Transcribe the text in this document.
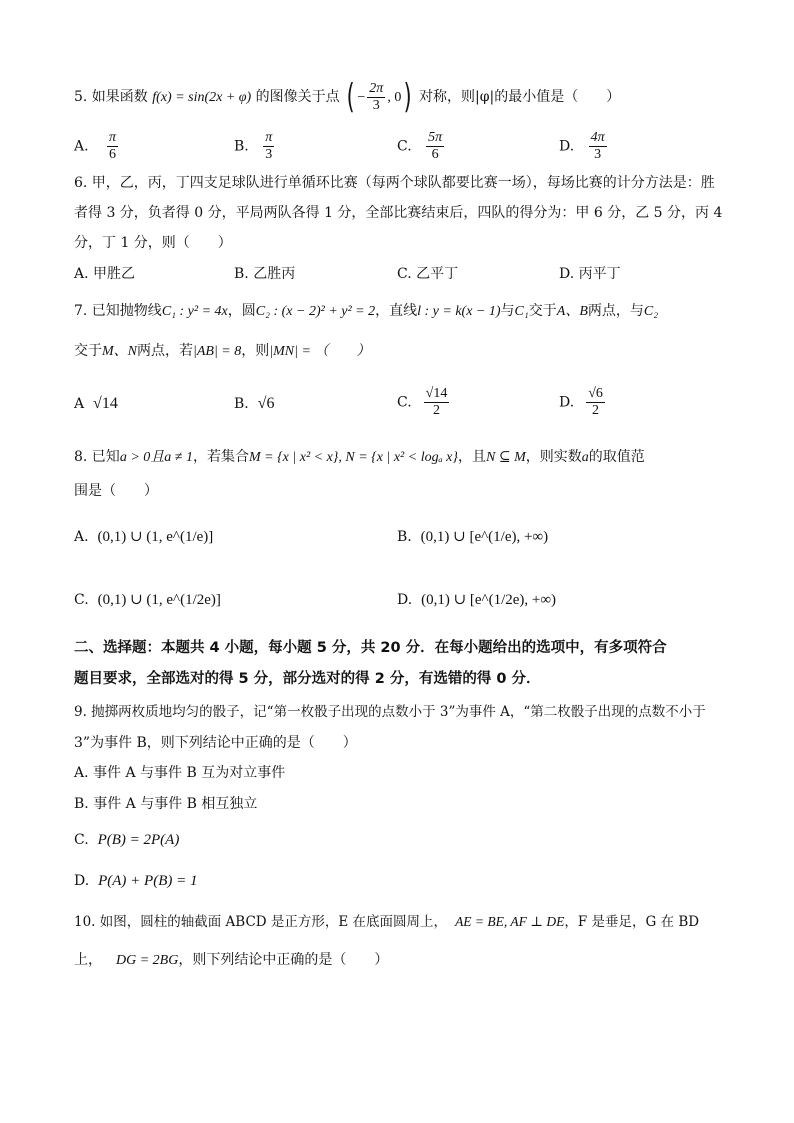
5. 如果函数 f(x) = sin(2x + φ) 的图像关于点 ( − $\frac{2\pi}{3}$ , 0) 对称，则|φ|的最小值是（　　）
A. $\frac{\pi}{6}$	B. $\frac{\pi}{3}$	C. $\frac{5\pi}{6}$	D. $\frac{4\pi}{3}$
6. 甲，乙，丙，丁四支足球队进行单循环比赛（每两个球队都要比赛一场），每场比赛的计分方法是：胜
者得 3 分，负者得 0 分，平局两队各得 1 分，全部比赛结束后，四队的得分为：甲 6 分，乙 5 分，丙 4
分，丁 1 分，则（　　）
A. 甲胜乙	B. 乙胜丙	C. 乙平丁	D. 丙平丁
7. 已知抛物线C₁ : y² = 4x，圆C₂ : (x − 2)² + y² = 2，直线l : y = k(x − 1)与C₁交于A、B两点，与C₂
交于M、N两点，若|AB| = 8，则|MN| = （　　）
A √14	B. √6	C. $\frac{√14}{2}$	D. $\frac{√6}{2}$
8. 已知a > 0且a ≠ 1，若集合M = {x | x² < x}, N = {x | x² < logₐ x}，且N ⊆ M，则实数a的取值范
围是（　　）
A. (0,1) ∪ (1, e^(1/e)]	B. (0,1) ∪ [e^(1/e), +∞)
C. (0,1) ∪ (1, e^(1/2e)]	D. (0,1) ∪ [e^(1/2e), +∞)
二、选择题：本题共 4 小题，每小题 5 分，共 20 分．在每小题给出的选项中，有多项符合
题目要求，全部选对的得 5 分，部分选对的得 2 分，有选错的得 0 分．
9. 抛掷两枚质地均匀的骰子，记“第一枚骰子出现的点数小于 3”为事件 A，“第二枚骰子出现的点数不小于
3”为事件 B，则下列结论中正确的是（　　）
A. 事件 A 与事件 B 互为对立事件
B. 事件 A 与事件 B 相互独立
C. P(B) = 2P(A)
D. P(A) + P(B) = 1
10. 如图，圆柱的轴截面 ABCD 是正方形，E 在底面圆周上， AE = BE, AF ⊥ DE，F 是垂足，G 在 BD
上， DG = 2BG，则下列结论中正确的是（　　）
